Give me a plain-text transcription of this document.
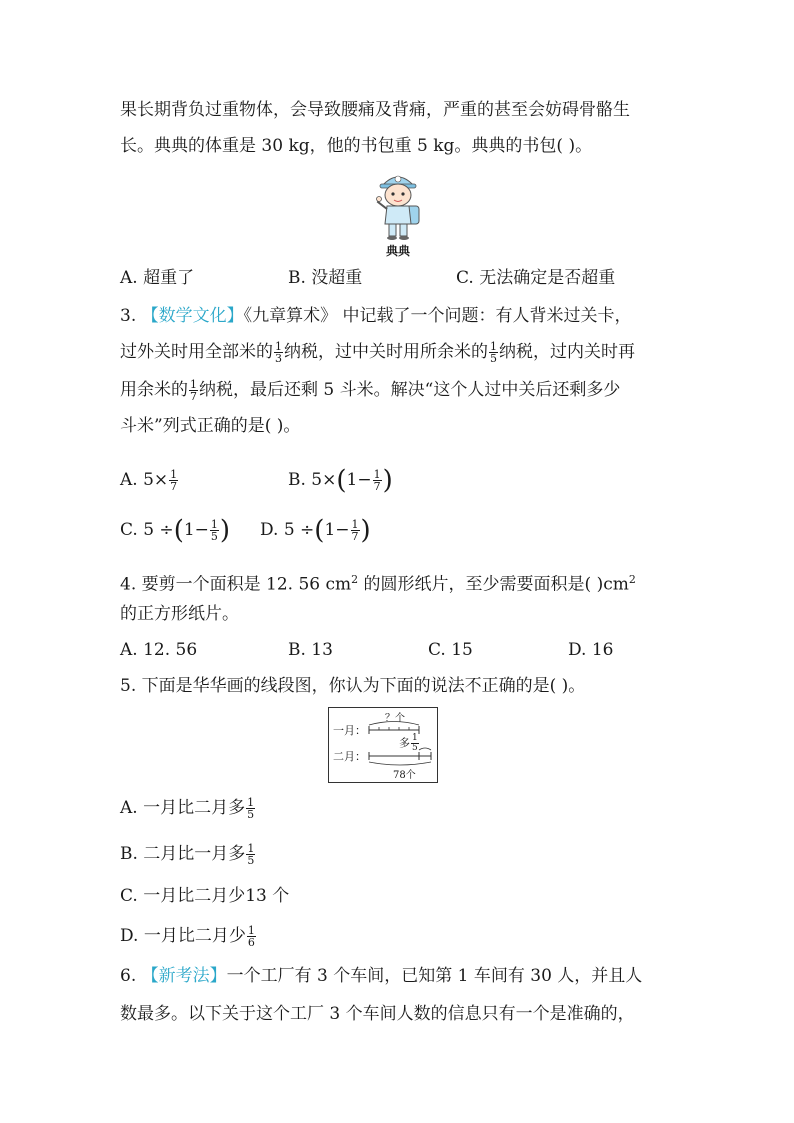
果长期背负过重物体，会导致腰痛及背痛，严重的甚至会妨碍骨骼生
长。典典的体重是 30 kg，他的书包重 5 kg。典典的书包( )。
典典
A. 超重了	B. 没超重	C. 无法确定是否超重
3. 【数学文化】《九章算术》 中记载了一个问题：有人背米过关卡，
过外关时用全部米的 $\frac{1}{3}$ 纳税，过中关时用所余米的 $\frac{1}{5}$ 纳税，过内关时再
用余米的 $\frac{1}{7}$ 纳税，最后还剩 5 斗米。解决“这个人过中关后还剩多少
斗米”列式正确的是( )。
A. $5\times \frac{1}{7}$	B. $5\times(1- \frac{1}{7}$ )
C. $5 \div(1- \frac{1}{5}$ ) D. $5 \div(1- \frac{1}{7}$ )
4. 要剪一个面积是 12. 56 $cm^2$ 的圆形纸片，至少需要面积是( )$cm^2$
的正方形纸片。
A. 12. 56	B. 13	C. 15	D. 16
5. 下面是华华画的线段图，你认为下面的说法不正确的是( )。
一月：
二月：
？个
多 $\frac{1}{5}$
78个
A. 一月比二月多 $\frac{1}{5}$
B. 二月比一月多 $\frac{1}{5}$
C. 一月比二月少13 个
D. 一月比二月少 $\frac{1}{6}$
6. 【新考法】一个工厂有 3 个车间，已知第 1 车间有 30 人，并且人
数最多。以下关于这个工厂 3 个车间人数的信息只有一个是准确的，
